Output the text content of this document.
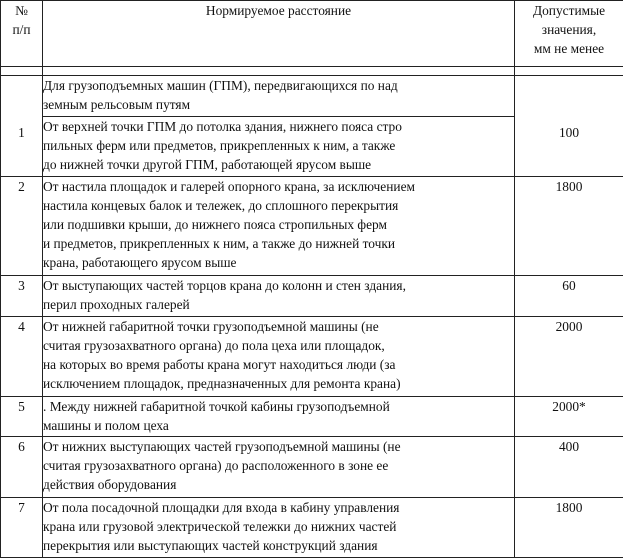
№
п/п	Нормируемое расстояние	Допустимые
значения,
мм не менее

1	Для грузоподъемных машин (ГПМ), передвигающихся по над
земным рельсовым путям	100

	От верхней точки ГПМ до потолка здания, нижнего пояса стро
пильных ферм или предметов, прикрепленных к ним, а также
до нижней точки другой ГПМ, работающей ярусом выше	

2	От настила площадок и галерей опорного крана, за исключением
настила концевых балок и тележек, до сплошного перекрытия
или подшивки крыши, до нижнего пояса стропильных ферм
и предметов, прикрепленных к ним, а также до нижней точки
крана, работающего ярусом выше	1800
3	От выступающих частей торцов крана до колонн и стен здания,
перил проходных галерей	60
4	От нижней габаритной точки грузоподъемной машины (не
считая грузозахватного органа) до пола цеха или площадок,
на которых во время работы крана могут находиться люди (за
исключением площадок, предназначенных для ремонта крана)	2000
5	. Между нижней габаритной точкой кабины грузоподъемной
машины и полом цеха	2000*
6	От нижних выступающих частей грузоподъемной машины (не
считая грузозахватного органа) до расположенного в зоне ее
действия оборудования	400
7	От пола посадочной площадки для входа в кабину управления
крана или грузовой электрической тележки до нижних частей
перекрытия или выступающих частей конструкций здания	1800
